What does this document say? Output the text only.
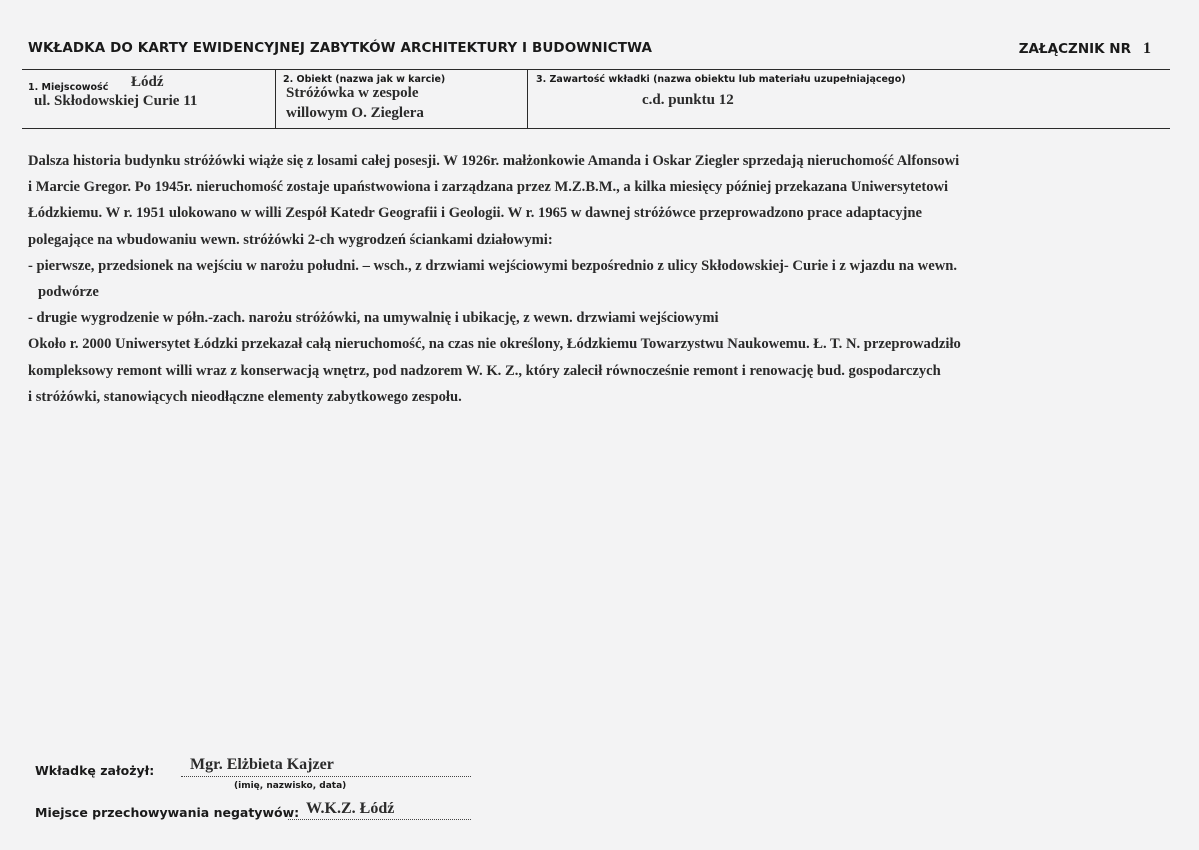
WKŁADKA DO KARTY EWIDENCYJNEJ ZABYTKÓW ARCHITEKTURY I BUDOWNICTWA	ZAŁĄCZNIK NR 1
1. Miejscowość Łódź
ul. Skłodowskiej Curie 11
2. Obiekt (nazwa jak w karcie)
Stróżówka w zespole
willowym O. Zieglera
3. Zawartość wkładki (nazwa obiektu lub materiału uzupełniającego)
c.d. punktu 12

Dalsza historia budynku stróżówki wiąże się z losami całej posesji. W 1926r. małżonkowie Amanda i Oskar Ziegler sprzedają nieruchomość Alfonsowi

i Marcie Gregor. Po 1945r. nieruchomość zostaje upaństwowiona i zarządzana przez M.Z.B.M., a kilka miesięcy później przekazana Uniwersytetowi

Łódzkiemu. W r. 1951 ulokowano w willi Zespół Katedr Geografii i Geologii. W r. 1965 w dawnej stróżówce przeprowadzono prace adaptacyjne

polegające na wbudowaniu wewn. stróżówki 2-ch wygrodzeń ściankami działowymi:

- pierwsze, przedsionek na wejściu w narożu południ. – wsch., z drzwiami wejściowymi bezpośrednio z ulicy Skłodowskiej- Curie i z wjazdu na wewn.

podwórze

- drugie wygrodzenie w półn.-zach. narożu stróżówki, na umywalnię i ubikację, z wewn. drzwiami wejściowymi

Około r. 2000 Uniwersytet Łódzki przekazał całą nieruchomość, na czas nie określony, Łódzkiemu Towarzystwu Naukowemu. Ł. T. N. przeprowadziło

kompleksowy remont willi wraz z konserwacją wnętrz, pod nadzorem W. K. Z., który zalecił równocześnie remont i renowację bud. gospodarczych

i stróżówki, stanowiących nieodłączne elementy zabytkowego zespołu.

Wkładkę założył: Mgr. Elżbieta Kajzer
(imię, nazwisko, data)
Miejsce przechowywania negatywów: W.K.Z. Łódź
